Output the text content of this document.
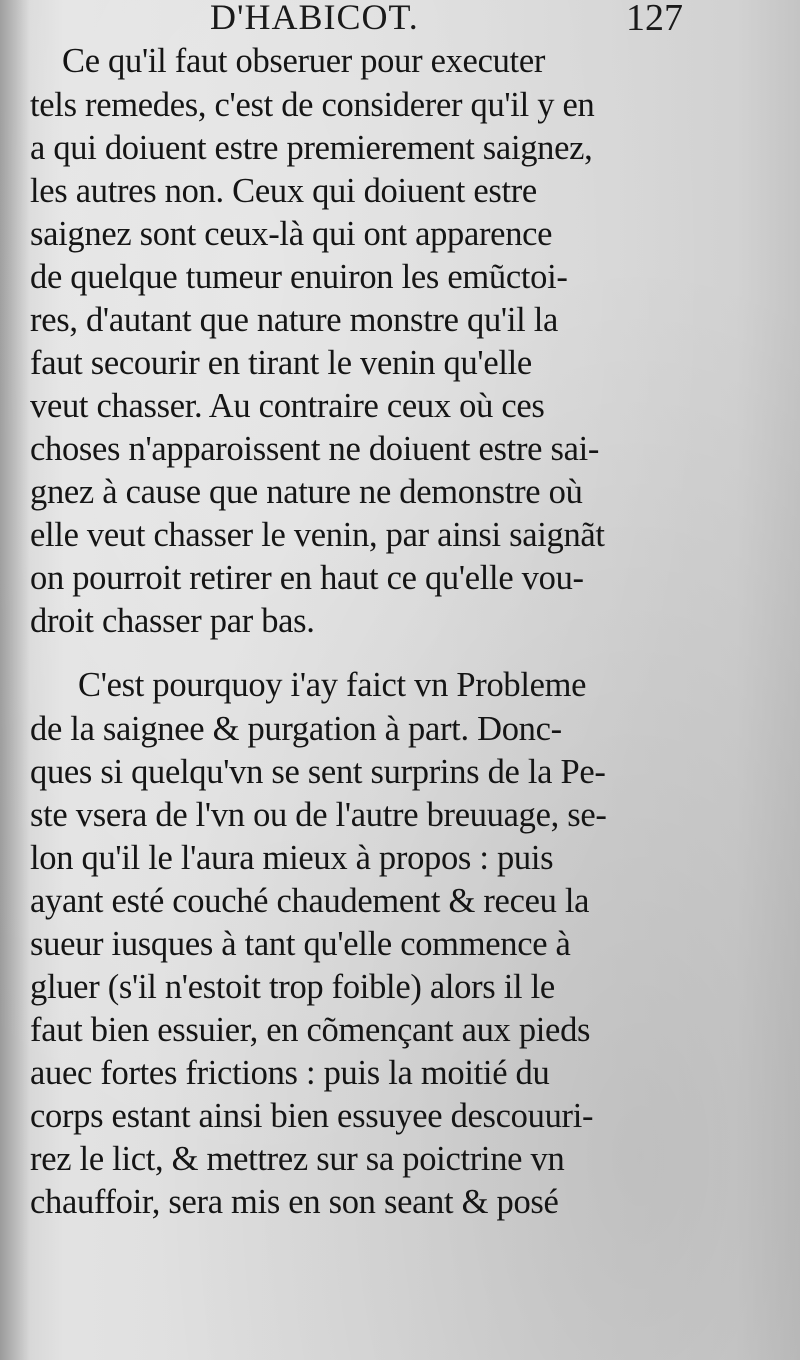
D'HABICOT.	127
Ce qu'il faut obseruer pour executer
tels remedes, c'est de considerer qu'il y en
a qui doiuent estre premierement saignez,
les autres non. Ceux qui doiuent estre
saignez sont ceux-là qui ont apparence
de quelque tumeur enuiron les emũctoi-
res, d'autant que nature monstre qu'il la
faut secourir en tirant le venin qu'elle
veut chasser. Au contraire ceux où ces
choses n'apparoissent ne doiuent estre sai-
gnez à cause que nature ne demonstre où
elle veut chasser le venin, par ainsi saignãt
on pourroit retirer en haut ce qu'elle vou-
droit chasser par bas.
C'est pourquoy i'ay faict vn Probleme
de la saignee & purgation à part. Donc-
ques si quelqu'vn se sent surprins de la Pe-
ste vsera de l'vn ou de l'autre breuuage, se-
lon qu'il le l'aura mieux à propos : puis
ayant esté couché chaudement & receu la
sueur iusques à tant qu'elle commence à
gluer (s'il n'estoit trop foible) alors il le
faut bien essuier, en cõmençant aux pieds
auec fortes frictions : puis la moitié du
corps estant ainsi bien essuyee descouuri-
rez le lict, & mettrez sur sa poictrine vn
chauffoir, sera mis en son seant & posé
